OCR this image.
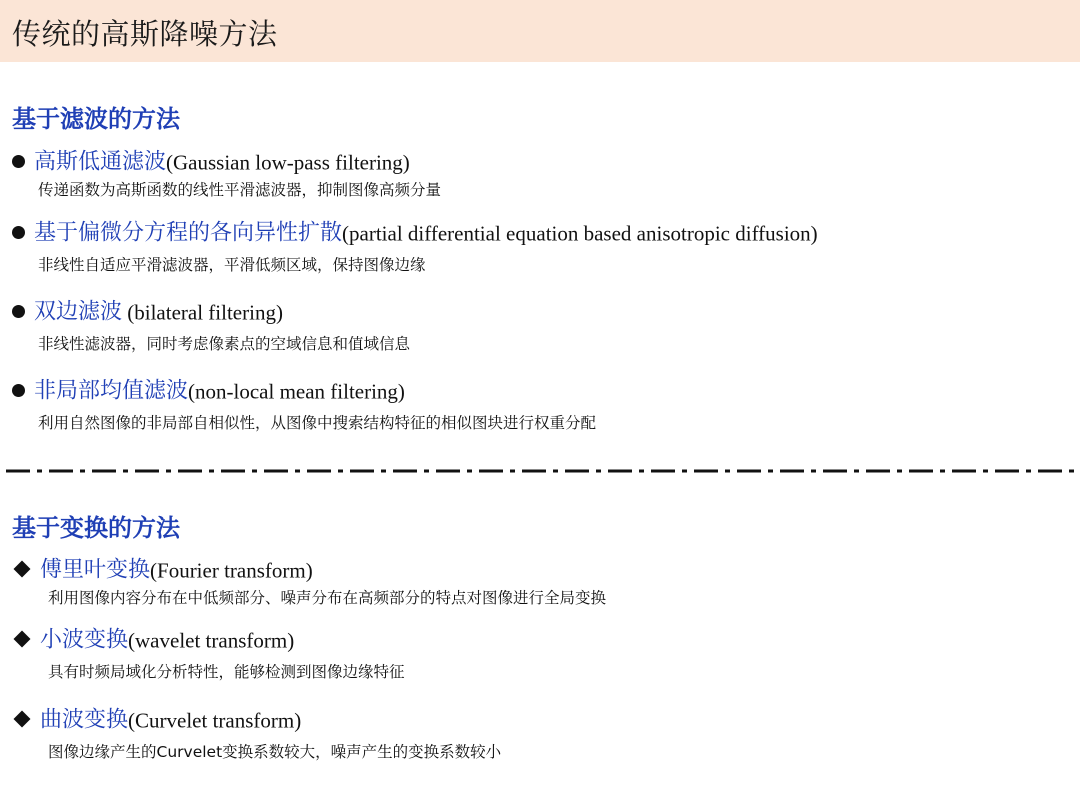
传统的高斯降噪方法
基于滤波的方法
高斯低通滤波(Gaussian low-pass filtering)
传递函数为高斯函数的线性平滑滤波器，抑制图像高频分量
基于偏微分方程的各向异性扩散(partial differential equation based anisotropic diffusion)
非线性自适应平滑滤波器，平滑低频区域，保持图像边缘
双边滤波 (bilateral filtering)
非线性滤波器，同时考虑像素点的空域信息和值域信息
非局部均值滤波(non-local mean filtering)
利用自然图像的非局部自相似性，从图像中搜索结构特征的相似图块进行权重分配
基于变换的方法
傅里叶变换(Fourier transform)
利用图像内容分布在中低频部分、噪声分布在高频部分的特点对图像进行全局变换
小波变换(wavelet transform)
具有时频局域化分析特性，能够检测到图像边缘特征
曲波变换(Curvelet transform)
图像边缘产生的Curvelet变换系数较大，噪声产生的变换系数较小
